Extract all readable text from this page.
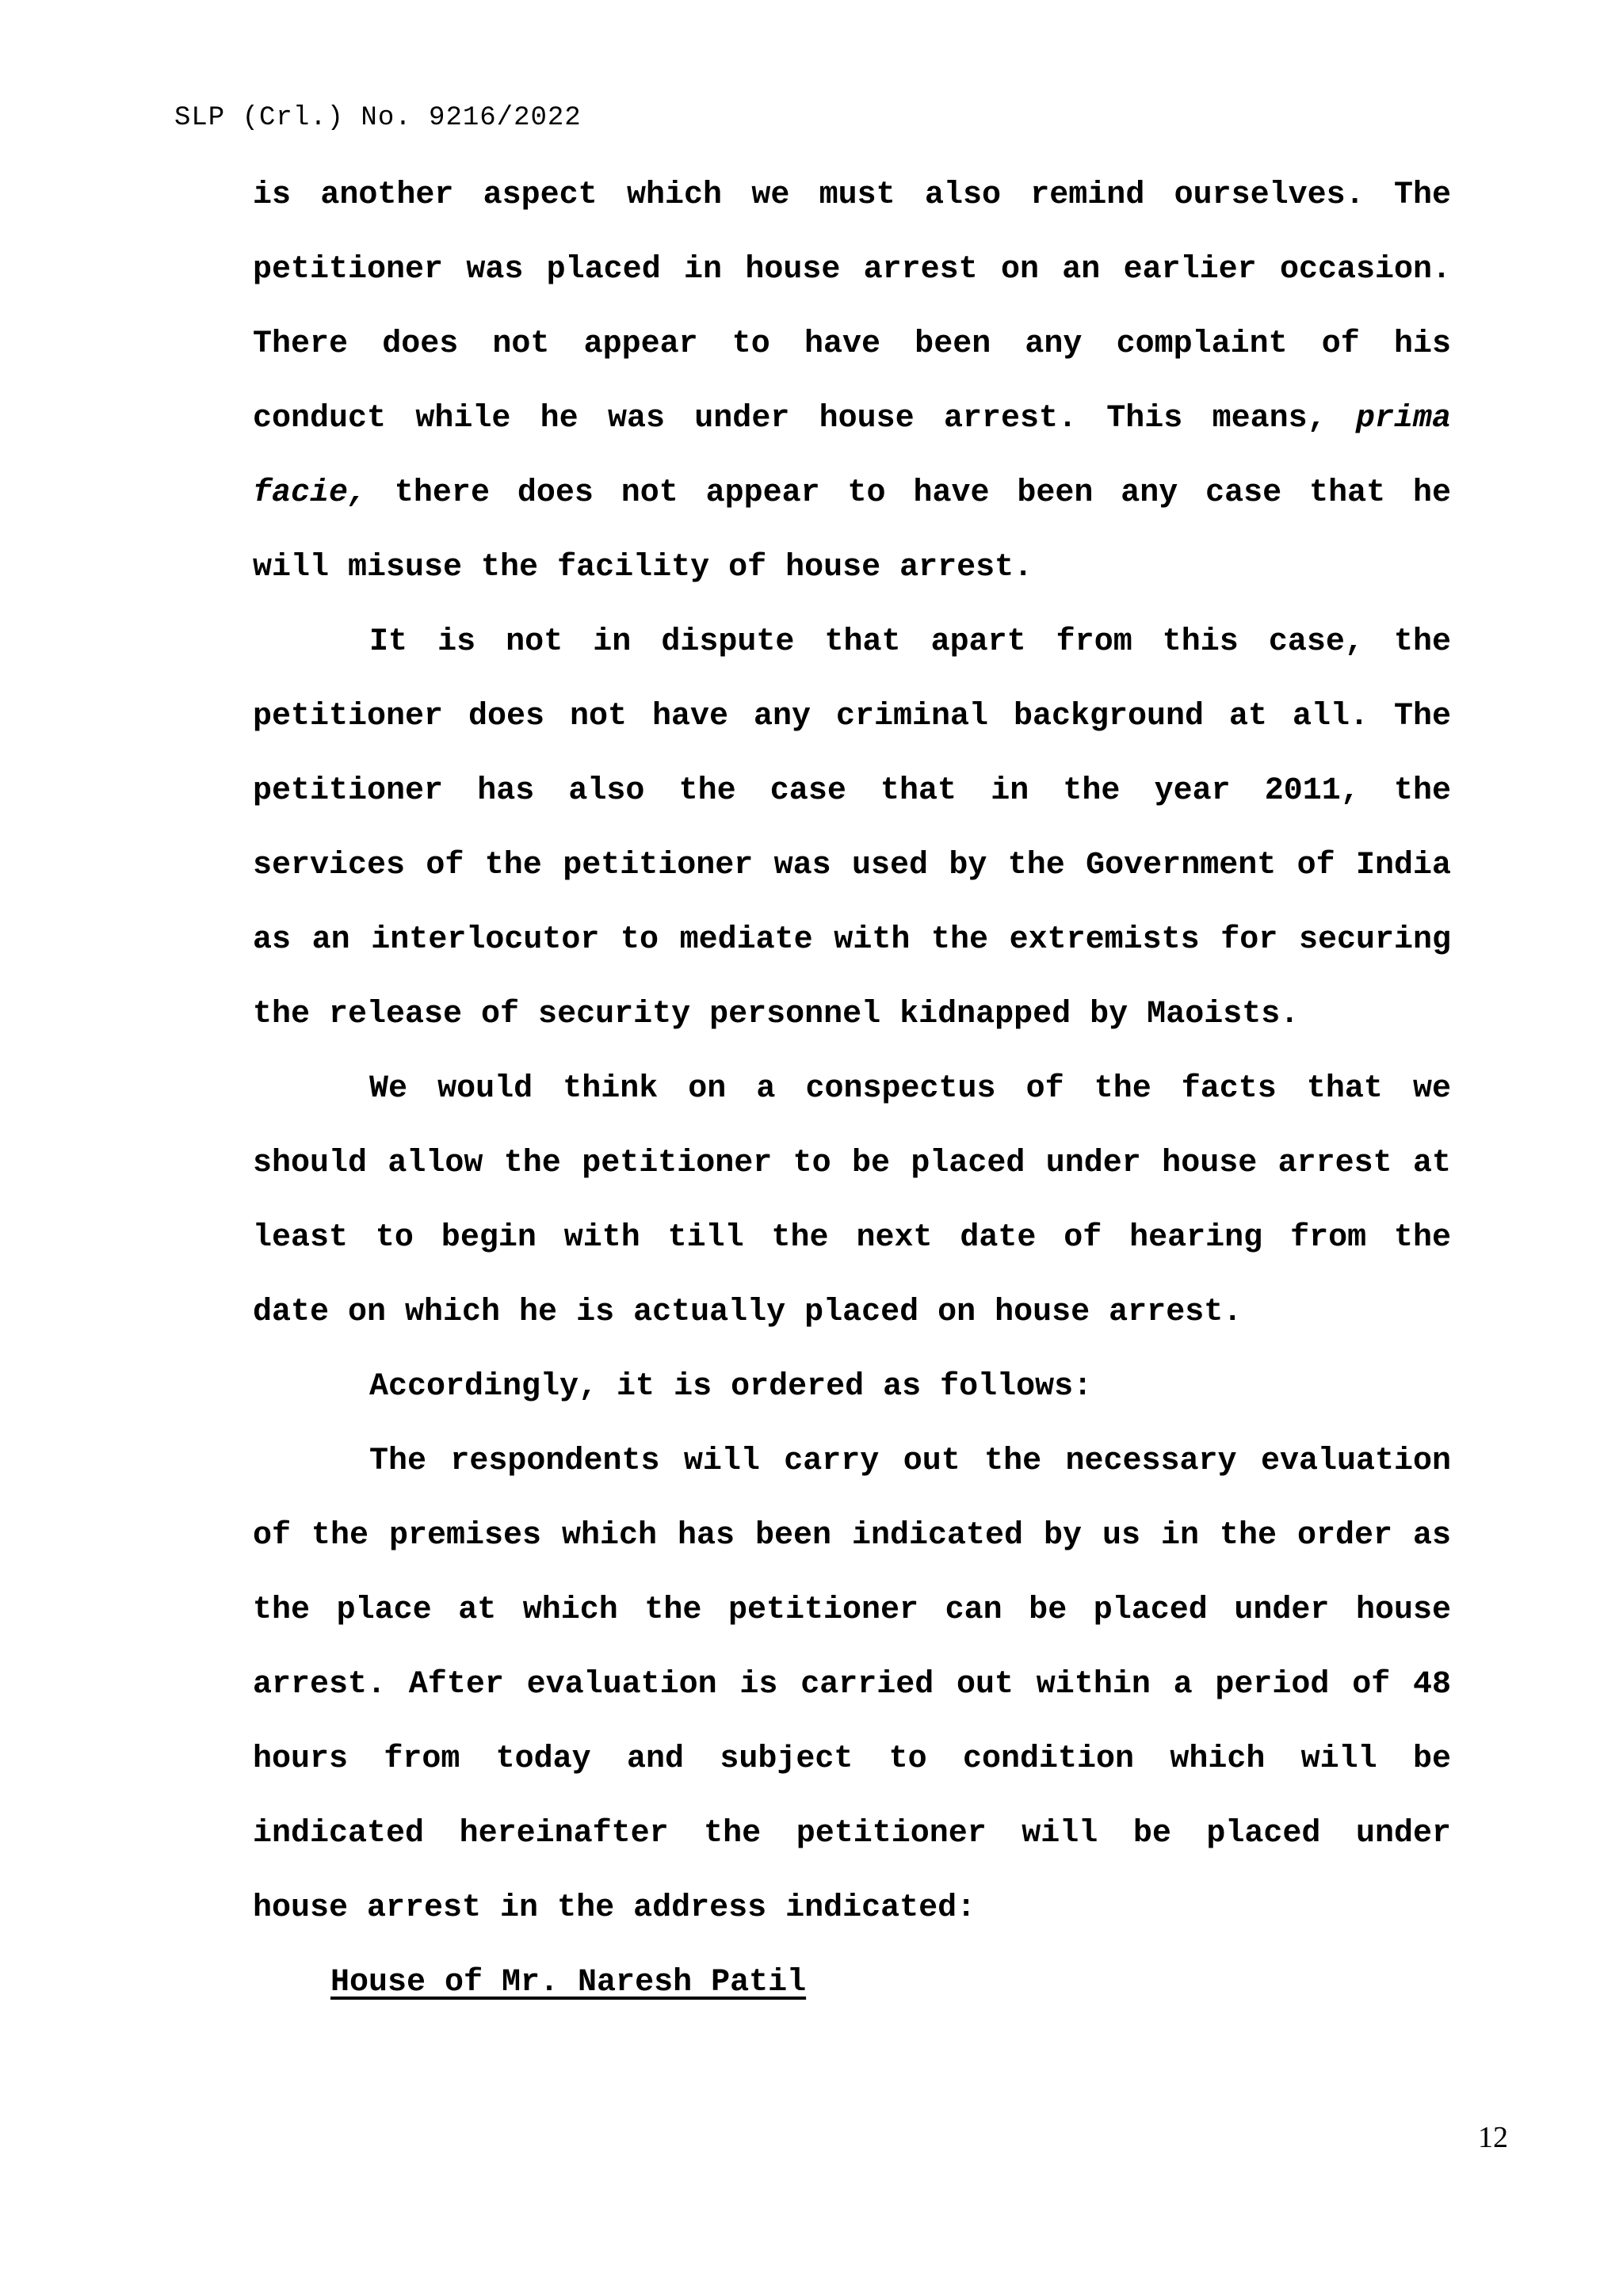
SLP (Crl.) No. 9216/2022

is another aspect which we must also remind ourselves. The petitioner was placed in house arrest on an earlier occasion. There does not appear to have been any complaint of his conduct while he was under house arrest. This means, prima facie, there does not appear to have been any case that he will misuse the facility of house arrest.

It is not in dispute that apart from this case, the petitioner does not have any criminal background at all. The petitioner has also the case that in the year 2011, the services of the petitioner was used by the Government of India as an interlocutor to mediate with the extremists for securing the release of security personnel kidnapped by Maoists.

We would think on a conspectus of the facts that we should allow the petitioner to be placed under house arrest at least to begin with till the next date of hearing from the date on which he is actually placed on house arrest.

Accordingly, it is ordered as follows:

The respondents will carry out the necessary evaluation of the premises which has been indicated by us in the order as the place at which the petitioner can be placed under house arrest. After evaluation is carried out within a period of 48 hours from today and subject to condition which will be indicated hereinafter the petitioner will be placed under house arrest in the address indicated:

House of Mr. Naresh Patil

12
